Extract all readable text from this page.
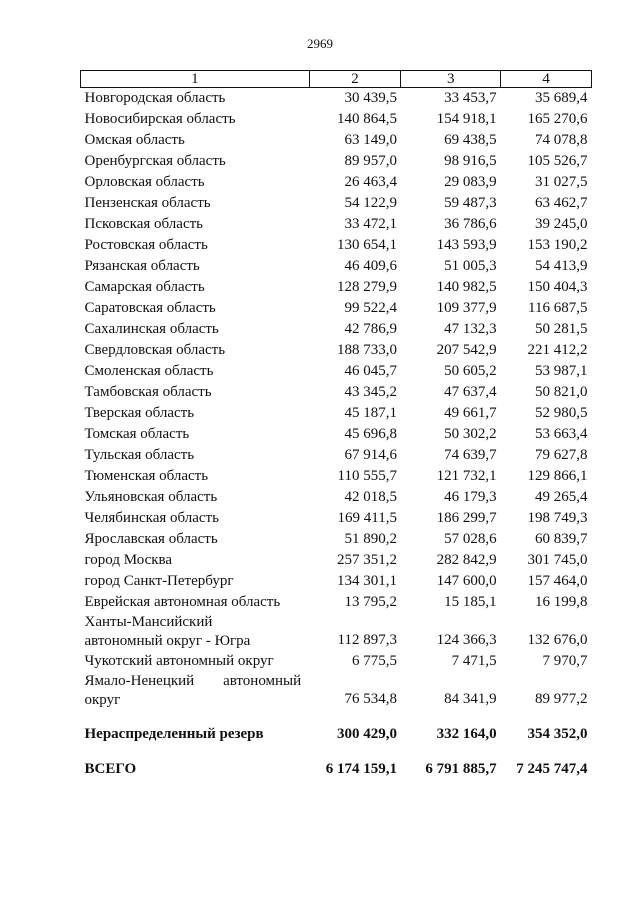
2969
1	2	3	4
Новгородская область	30 439,5	33 453,7	35 689,4
Новосибирская область	140 864,5	154 918,1	165 270,6
Омская область	63 149,0	69 438,5	74 078,8
Оренбургская область	89 957,0	98 916,5	105 526,7
Орловская область	26 463,4	29 083,9	31 027,5
Пензенская область	54 122,9	59 487,3	63 462,7
Псковская область	33 472,1	36 786,6	39 245,0
Ростовская область	130 654,1	143 593,9	153 190,2
Рязанская область	46 409,6	51 005,3	54 413,9
Самарская область	128 279,9	140 982,5	150 404,3
Саратовская область	99 522,4	109 377,9	116 687,5
Сахалинская область	42 786,9	47 132,3	50 281,5
Свердловская область	188 733,0	207 542,9	221 412,2
Смоленская область	46 045,7	50 605,2	53 987,1
Тамбовская область	43 345,2	47 637,4	50 821,0
Тверская область	45 187,1	49 661,7	52 980,5
Томская область	45 696,8	50 302,2	53 663,4
Тульская область	67 914,6	74 639,7	79 627,8
Тюменская область	110 555,7	121 732,1	129 866,1
Ульяновская область	42 018,5	46 179,3	49 265,4
Челябинская область	169 411,5	186 299,7	198 749,3
Ярославская область	51 890,2	57 028,6	60 839,7
город Москва	257 351,2	282 842,9	301 745,0
город Санкт-Петербург	134 301,1	147 600,0	157 464,0
Еврейская автономная область	13 795,2	15 185,1	16 199,8

Ханты-Мансийский
автономный округ - Югра	112 897,3	124 366,3	132 676,0
Чукотский автономный округ	6 775,5	7 471,5	7 970,7

Ямало-Ненецкий автономный
округ	76 534,8	84 341,9	89 977,2

Нераспределенный резерв	300 429,0	332 164,0	354 352,0

ВСЕГО	6 174 159,1	6 791 885,7	7 245 747,4
